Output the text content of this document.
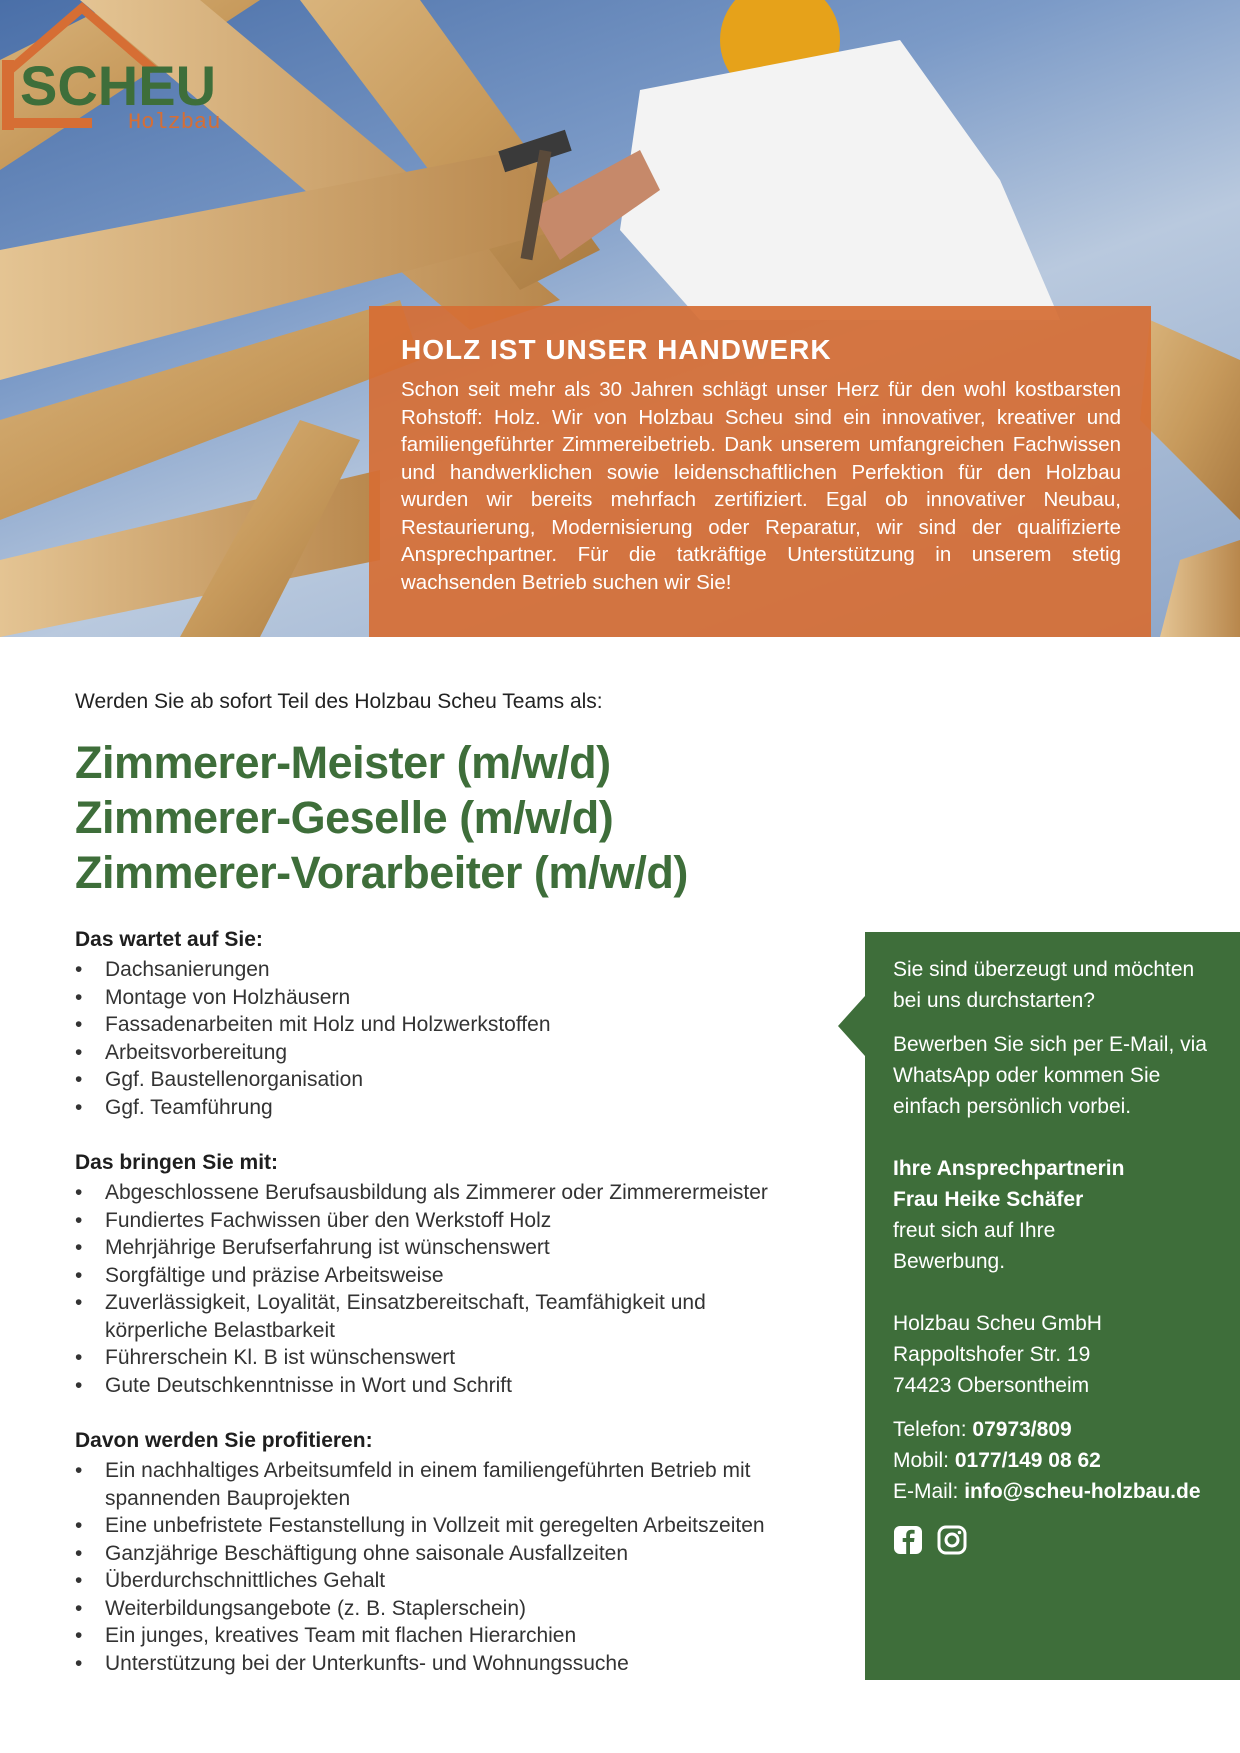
SCHEU
Holzbau
HOLZ IST UNSER HANDWERK

Schon seit mehr als 30 Jahren schlägt unser Herz für den wohl kostbarsten Rohstoff: Holz. Wir von Holzbau Scheu sind ein innovativer, kreativer und familiengeführter Zimmereibetrieb. Dank unserem umfangreichen Fachwissen und handwerklichen sowie leidenschaftlichen Perfektion für den Holzbau wurden wir bereits mehrfach zertifiziert. Egal ob innovativer Neubau, Restaurierung, Modernisierung oder Reparatur, wir sind der qualifizierte Ansprechpartner. Für die tatkräftige Unterstützung in unserem stetig wachsenden Betrieb suchen wir Sie!

Werden Sie ab sofort Teil des Holzbau Scheu Teams als:
Zimmerer-Meister (m/w/d)
Zimmerer-Geselle (m/w/d)
Zimmerer-Vorarbeiter (m/w/d)
Das wartet auf Sie:
• Dachsanierungen
• Montage von Holzhäusern
• Fassadenarbeiten mit Holz und Holzwerkstoffen
• Arbeitsvorbereitung
• Ggf. Baustellenorganisation
• Ggf. Teamführung
Das bringen Sie mit:
• Abgeschlossene Berufsausbildung als Zimmerer oder Zimmerermeister
• Fundiertes Fachwissen über den Werkstoff Holz
• Mehrjährige Berufserfahrung ist wünschenswert
• Sorgfältige und präzise Arbeitsweise
• Zuverlässigkeit, Loyalität, Einsatzbereitschaft, Teamfähigkeit und körperliche Belastbarkeit
• Führerschein Kl. B ist wünschenswert
• Gute Deutschkenntnisse in Wort und Schrift
Davon werden Sie profitieren:
• Ein nachhaltiges Arbeitsumfeld in einem familiengeführten Betrieb mit spannenden Bauprojekten
• Eine unbefristete Festanstellung in Vollzeit mit geregelten Arbeitszeiten
• Ganzjährige Beschäftigung ohne saisonale Ausfallzeiten
• Überdurchschnittliches Gehalt
• Weiterbildungsangebote (z. B. Staplerschein)
• Ein junges, kreatives Team mit flachen Hierarchien
• Unterstützung bei der Unterkunfts- und Wohnungssuche

Sie sind überzeugt und möchten bei uns durchstarten?

Bewerben Sie sich per E-Mail, via WhatsApp oder kommen Sie einfach persönlich vorbei.

Ihre Ansprechpartnerin

Frau Heike Schäfer

freut sich auf Ihre Bewerbung.

Holzbau Scheu GmbH

Rappoltshofer Str. 19

74423 Obersontheim

Telefon: 07973/809

Mobil: 0177/149 08 62

E-Mail: info@scheu-holzbau.de
